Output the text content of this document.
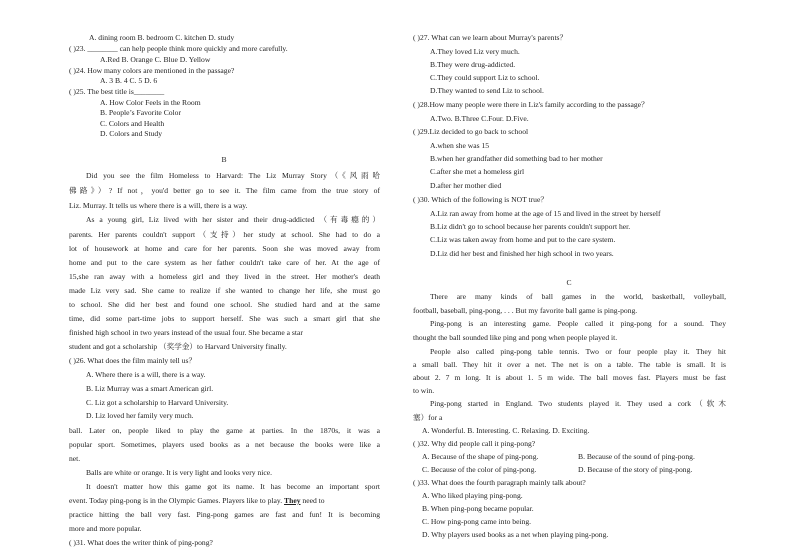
A. dining room B. bedroom C. kitchen D. study
( )23. ________ can help people think more quickly and more carefully.
A.Red B. Orange C. Blue D. Yellow
( )24. How many colors are mentioned in the passage?
A. 3 B. 4 C. 5 D. 6
( )25. The best title is________
A. How Color Feels in the Room
B. People’s Favorite Color
C. Colors and Health
D. Colors and Study
B
Did you see the film Homeless to Harvard: The Liz Murray Story（《风雨哈
佛路》）? If not，you'd better go to see it. The film came from the true story of
Liz. Murray. It tells us where there is a will, there is a way.
As a young girl, Liz lived with her sister and their drug-addicted （有毒瘾的）
parents. Her parents couldn't support（支持）her study at school. She had to do a
lot of housework at home and care for her parents. Soon she was moved away from
home and put to the care system as her father couldn't take care of her. At the age of
15,she ran away with a homeless girl and they lived in the street. Her mother's death
made Liz very sad. She came to realize if she wanted to change her life, she must go
to school. She did her best and found one school. She studied hard and at the same
time, did some part-time jobs to support herself. She was such a smart girl that she
finished high school in two years instead of the usual four. She became a star
student and got a scholarship （奖学金）to Harvard University finally.
( )26. What does the film mainly tell us？
A. Where there is a will, there is a way.
B. Liz Murray was a smart American girl.
C. Liz got a scholarship to Harvard University.
D. Liz loved her family very much.
ball. Later on, people liked to play the game at parties. In the 1870s, it was a
popular sport. Sometimes, players used books as a net because the books were like a
net.
Balls are white or orange. It is very light and looks very nice.
It doesn't matter how this game got its name. It has become an important sport
event. Today ping-pong is in the Olympic Games. Players like to play. They need to
practice hitting the ball very fast. Ping-pong games are fast and fun! It is becoming
more and more popular.
( )31. What does the writer think of ping-pong?
( )27. What can we learn about Murray's parents？
A.They loved Liz very much.
B.They were drug-addicted.
C.They could support Liz to school.
D.They wanted to send Liz to school.
( )28.How many people were there in Liz's family according to the passage？
A.Two. B.Three C.Four. D.Five.
( )29.Liz decided to go back to school
A.when she was 15
B.when her grandfather did something bad to her mother
C.after she met a homeless girl
D.after her mother died
( )30. Which of the following is NOT true？
A.Liz ran away from home at the age of 15 and lived in the street by herself
B.Liz didn't go to school because her parents couldn't support her.
C.Liz was taken away from home and put to the care system.
D.Liz did her best and finished her high school in two years.
C
There are many kinds of ball games in the world, basketball, volleyball,
football, baseball, ping-pong, . . . But my favorite ball game is ping-pong.
Ping-pong is an interesting game. People called it ping-pong for a sound. They
thought the ball sounded like ping and pong when people played it.
People also called ping-pong table tennis. Two or four people play it. They hit
a small ball. They hit it over a net. The net is on a table. The table is small. It is
about 2. 7 m long. It is about 1. 5 m wide. The ball moves fast. Players must be fast
to win.
Ping-pong started in England. Two students played it. They used a cork（软木
塞）for a
A. Wonderful. B. Interesting. C. Relaxing. D. Exciting.
( )32. Why did people call it ping-pong?
A. Because of the shape of ping-pong.	B. Because of the sound of ping-pong.
C. Because of the color of ping-pong.	D. Because of the story of ping-pong.
( )33. What does the fourth paragraph mainly talk about?
A. Who liked playing ping-pong.
B. When ping-pong became popular.
C. How ping-pong came into being.
D. Why players used books as a net when playing ping-pong.
